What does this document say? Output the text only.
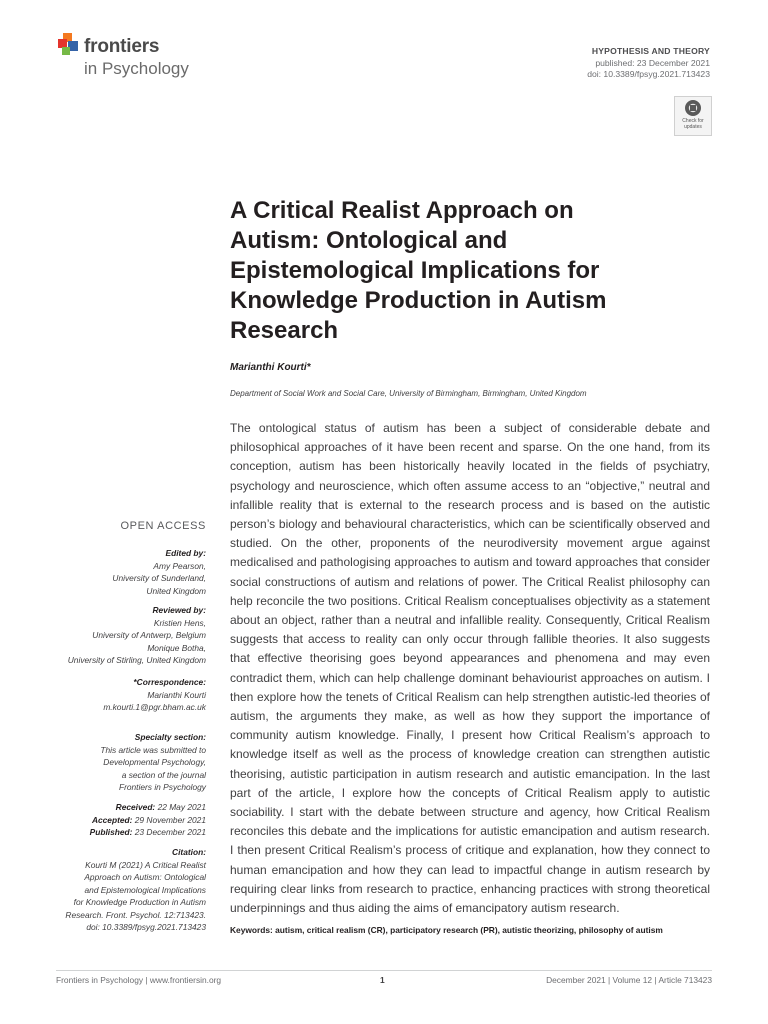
frontiers
in Psychology
HYPOTHESIS AND THEORY
published: 23 December 2021
doi: 10.3389/fpsyg.2021.713423
Check for
updates
A Critical Realist Approach on
Autism: Ontological and
Epistemological Implications for
Knowledge Production in Autism
Research
Marianthi Kourti*
Department of Social Work and Social Care, University of Birmingham, Birmingham, United Kingdom
The ontological status of autism has been a subject of considerable debate and philosophical approaches of it have been recent and sparse. On the one hand, from its conception, autism has been historically heavily located in the fields of psychiatry, psychology and neuroscience, which often assume access to an “objective,” neutral and infallible reality that is external to the research process and is based on the autistic person’s biology and behavioural characteristics, which can be scientifically observed and studied. On the other, proponents of the neurodiversity movement argue against medicalised and pathologising approaches to autism and toward approaches that consider social constructions of autism and relations of power. The Critical Realist philosophy can help reconcile the two positions. Critical Realism conceptualises objectivity as a statement about an object, rather than a neutral and infallible reality. Consequently, Critical Realism suggests that access to reality can only occur through fallible theories. It also suggests that effective theorising goes beyond appearances and phenomena and may even contradict them, which can help challenge dominant behaviourist approaches on autism. I then explore how the tenets of Critical Realism can help strengthen autistic-led theories of autism, the arguments they make, as well as how they support the importance of community autism knowledge. Finally, I present how Critical Realism’s approach to knowledge itself as well as the process of knowledge creation can strengthen autistic theorising, autistic participation in autism research and autistic emancipation. In the last part of the article, I explore how the concepts of Critical Realism apply to autistic sociability. I start with the debate between structure and agency, how Critical Realism reconciles this debate and the implications for autistic emancipation and autism research. I then present Critical Realism’s process of critique and explanation, how they connect to human emancipation and how they can lead to impactful change in autism research by requiring clear links from research to practice, enhancing practices with strong theoretical underpinnings and thus aiding the aims of emancipatory autism research.
Keywords: autism, critical realism (CR), participatory research (PR), autistic theorizing, philosophy of autism
OPEN ACCESS
Edited by:
Amy Pearson,
University of Sunderland,
United Kingdom
Reviewed by:
Kristien Hens,
University of Antwerp, Belgium
Monique Botha,
University of Stirling, United Kingdom
*Correspondence:
Marianthi Kourti
m.kourti.1@pgr.bham.ac.uk
Specialty section:
This article was submitted to
Developmental Psychology,
a section of the journal
Frontiers in Psychology
Received: 22 May 2021
Accepted: 29 November 2021
Published: 23 December 2021
Citation:
Kourti M (2021) A Critical Realist
Approach on Autism: Ontological
and Epistemological Implications
for Knowledge Production in Autism
Research. Front. Psychol. 12:713423.
doi: 10.3389/fpsyg.2021.713423
Frontiers in Psychology | www.frontiersin.org	1	December 2021 | Volume 12 | Article 713423
